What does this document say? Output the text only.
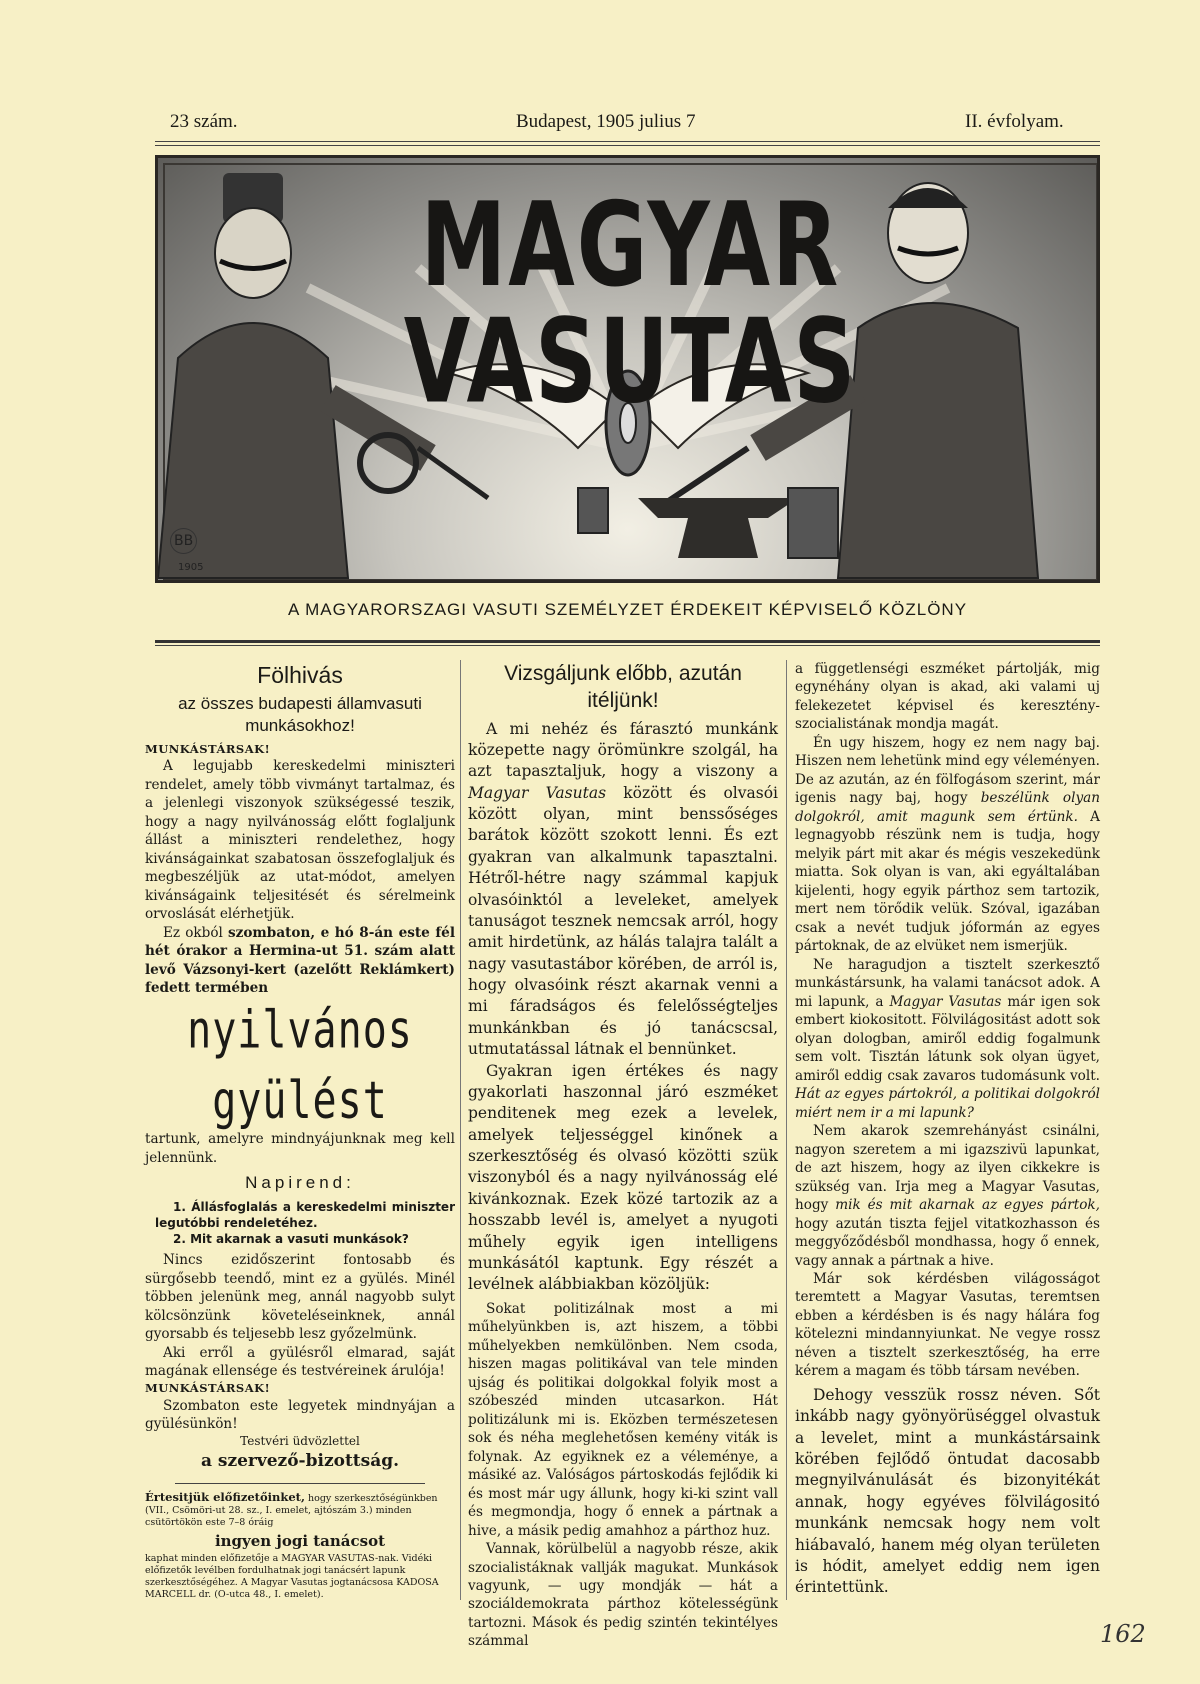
23 szám.	Budapest, 1905 julius 7	II. évfolyam.
MAGYAR VASUTAS
BB
1905
A MAGYARORSZAGI VASUTI SZEMÉLYZET ÉRDEKEIT KÉPVISELŐ KÖZLÖNY
Fölhivás
az összes budapesti államvasuti munkásokhoz!

MUNKÁSTÁRSAK!

A legujabb kereskedelmi miniszteri rendelet, amely több vivmányt tartalmaz, és a jelenlegi viszonyok szükségessé teszik, hogy a nagy nyilvánosság előtt foglaljunk állást a miniszteri rendelethez, hogy kivánságainkat szabatosan összefoglaljuk és megbeszéljük az utat-módot, amelyen kivánságaink teljesitését és sérelmeink orvoslását elérhetjük.

Ez okból szombaton, e hó 8-án este fél hét órakor a Hermina-ut 51. szám alatt levő Vázsonyi-kert (azelőtt Reklámkert) fedett termében

nyilvános gyülést

tartunk, amelyre mindnyájunknak meg kell jelennünk.

Napirend:

1. Állásfoglalás a kereskedelmi miniszter legutóbbi rendeletéhez.

2. Mit akarnak a vasuti munkások?

Nincs ezidőszerint fontosabb és sürgősebb teendő, mint ez a gyülés. Minél többen jelenünk meg, annál nagyobb sulyt kölcsönzünk követeléseinknek, annál gyorsabb és teljesebb lesz győzelmünk.

Aki erről a gyülésről elmarad, saját magának ellensége és testvéreinek árulója!

MUNKÁSTÁRSAK!

Szombaton este legyetek mindnyájan a gyülésünkön!

Testvéri üdvözlettel
a szervező-bizottság.
Értesitjük előfizetőinket, hogy szerkesztőségünkben (VII., Csömöri-ut 28. sz., I. emelet, ajtószám 3.) minden csütörtökön este 7–8 óráig
ingyen jogi tanácsot
kaphat minden előfizetője a MAGYAR VASUTAS-nak. Vidéki előfizetők levélben fordulhatnak jogi tanácsért lapunk szerkesztőségéhez. A Magyar Vasutas jogtanácsosa KADOSA MARCELL dr. (O-utca 48., I. emelet).
Vizsgáljunk előbb, azután itéljünk!

A mi nehéz és fárasztó munkánk közepette nagy örömünkre szolgál, ha azt tapasztaljuk, hogy a viszony a Magyar Vasutas között és olvasói között olyan, mint benssőséges barátok között szokott lenni. És ezt gyakran van alkalmunk tapasztalni. Hétről-hétre nagy számmal kapjuk olvasóinktól a leveleket, amelyek tanuságot tesznek nemcsak arról, hogy amit hirdetünk, az hálás talajra talált a nagy vasutastábor körében, de arról is, hogy olvasóink részt akarnak venni a mi fáradságos és felelősségteljes munkánkban és jó tanácscsal, utmutatással látnak el bennünket.

Gyakran igen értékes és nagy gyakorlati haszonnal járó eszméket penditenek meg ezek a levelek, amelyek teljességgel kinőnek a szerkesztőség és olvasó közötti szük viszonyból és a nagy nyilvánosság elé kivánkoznak. Ezek közé tartozik az a hosszabb levél is, amelyet a nyugoti műhely egyik igen intelligens munkásától kaptunk. Egy részét a levélnek alábbiakban közöljük:

Sokat politizálnak most a mi műhelyünkben is, azt hiszem, a többi műhelyekben nemkülönben. Nem csoda, hiszen magas politikával van tele minden ujság és politikai dolgokkal folyik most a szóbeszéd minden utcasarkon. Hát politizálunk mi is. Eközben természetesen sok és néha meglehetősen kemény viták is folynak. Az egyiknek ez a véleménye, a másiké az. Valóságos pártoskodás fejlődik ki és most már ugy állunk, hogy ki-ki szint vall és megmondja, hogy ő ennek a pártnak a hive, a másik pedig amahhoz a párthoz huz.

Vannak, körülbelül a nagyobb része, akik szocialistáknak vallják magukat. Munkások vagyunk, — ugy mondják — hát a szociáldemokrata párthoz kötelességünk tartozni. Mások és pedig szintén tekintélyes számmal

a függetlenségi eszméket pártolják, mig egynéhány olyan is akad, aki valami uj felekezetet képvisel és keresztény-szocialistának mondja magát.

Én ugy hiszem, hogy ez nem nagy baj. Hiszen nem lehetünk mind egy véleményen. De az azután, az én fölfogásom szerint, már igenis nagy baj, hogy beszélünk olyan dolgokról, amit magunk sem értünk. A legnagyobb részünk nem is tudja, hogy melyik párt mit akar és mégis veszekedünk miatta. Sok olyan is van, aki egyáltalában kijelenti, hogy egyik párthoz sem tartozik, mert nem törődik velük. Szóval, igazában csak a nevét tudjuk jóformán az egyes pártoknak, de az elvüket nem ismerjük.

Ne haragudjon a tisztelt szerkesztő munkástársunk, ha valami tanácsot adok. A mi lapunk, a Magyar Vasutas már igen sok embert kiokositott. Fölvilágositást adott sok olyan dologban, amiről eddig fogalmunk sem volt. Tisztán látunk sok olyan ügyet, amiről eddig csak zavaros tudomásunk volt. Hát az egyes pártokról, a politikai dolgokról miért nem ir a mi lapunk?

Nem akarok szemrehányást csinálni, nagyon szeretem a mi igazszivü lapunkat, de azt hiszem, hogy az ilyen cikkekre is szükség van. Irja meg a Magyar Vasutas, hogy mik és mit akarnak az egyes pártok, hogy azután tiszta fejjel vitatkozhasson és meggyőződésből mondhassa, hogy ő ennek, vagy annak a pártnak a hive.

Már sok kérdésben világosságot teremtett a Magyar Vasutas, teremtsen ebben a kérdésben is és nagy hálára fog kötelezni mindannyiunkat. Ne vegye rossz néven a tisztelt szerkesztőség, ha erre kérem a magam és több társam nevében.

Dehogy vesszük rossz néven. Sőt inkább nagy gyönyörüséggel olvastuk a levelet, mint a munkástársaink körében fejlődő öntudat dacosabb megnyilvánulását és bizonyitékát annak, hogy egyéves fölvilágositó munkánk nemcsak hogy nem volt hiábavaló, hanem még olyan területen is hódit, amelyet eddig nem igen érintettünk.

162
